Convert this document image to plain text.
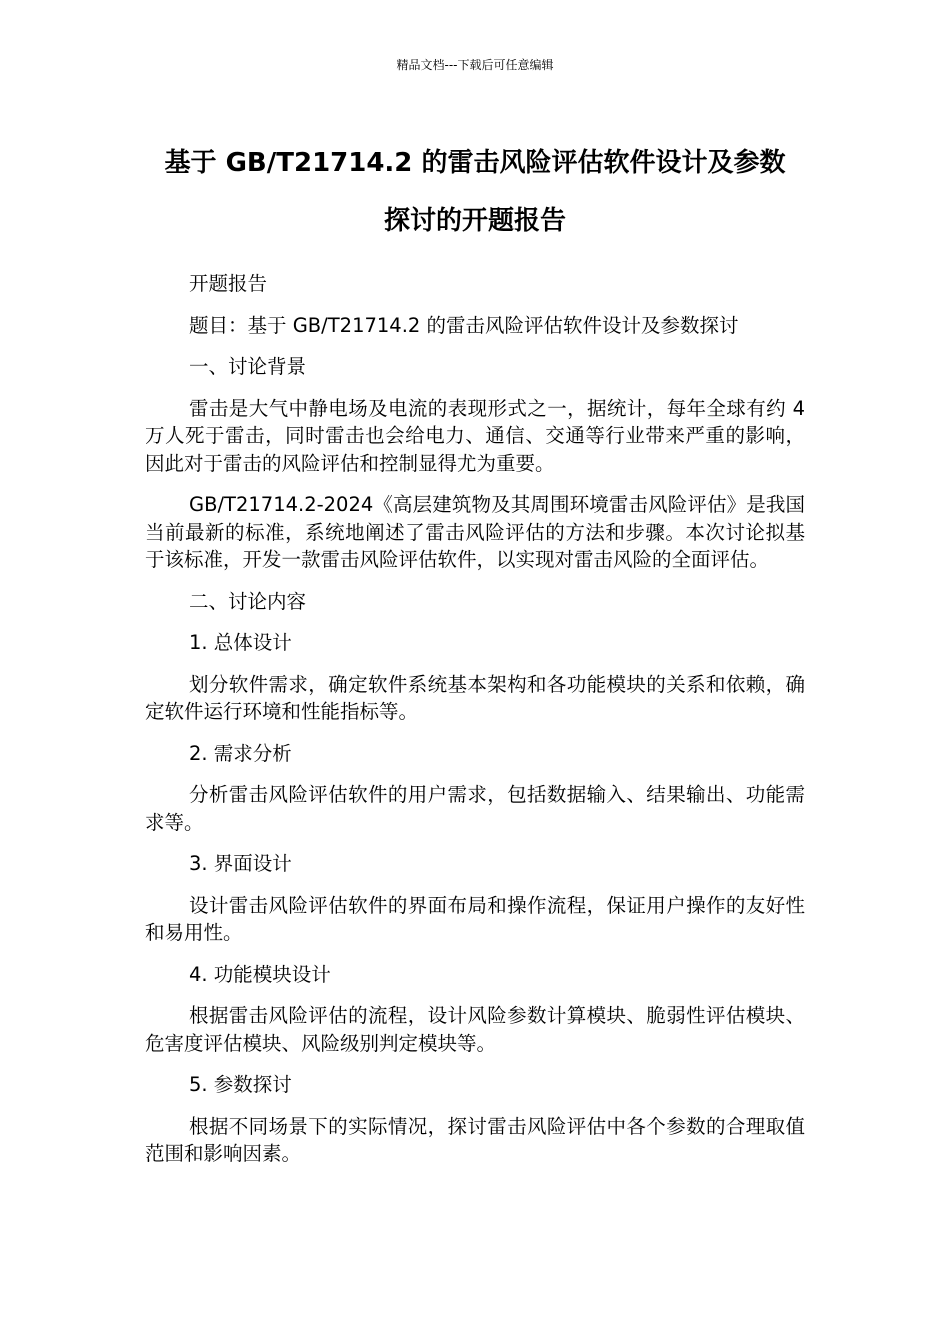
精品文档---下载后可任意编辑
基于 GB/T21714.2 的雷击风险评估软件设计及参数
探讨的开题报告

开题报告

题目：基于 GB/T21714.2 的雷击风险评估软件设计及参数探讨

一、讨论背景

雷击是大气中静电场及电流的表现形式之一，据统计，每年全球有约 4 万人死于雷击，同时雷击也会给电力、通信、交通等行业带来严重的影响，因此对于雷击的风险评估和控制显得尤为重要。

GB/T21714.2-2024《高层建筑物及其周围环境雷击风险评估》是我国当前最新的标准，系统地阐述了雷击风险评估的方法和步骤。本次讨论拟基于该标准，开发一款雷击风险评估软件，以实现对雷击风险的全面评估。

二、讨论内容

1. 总体设计

划分软件需求，确定软件系统基本架构和各功能模块的关系和依赖，确定软件运行环境和性能指标等。

2. 需求分析

分析雷击风险评估软件的用户需求，包括数据输入、结果输出、功能需求等。

3. 界面设计

设计雷击风险评估软件的界面布局和操作流程，保证用户操作的友好性和易用性。

4. 功能模块设计

根据雷击风险评估的流程，设计风险参数计算模块、脆弱性评估模块、危害度评估模块、风险级别判定模块等。

5. 参数探讨

根据不同场景下的实际情况，探讨雷击风险评估中各个参数的合理取值范围和影响因素。
